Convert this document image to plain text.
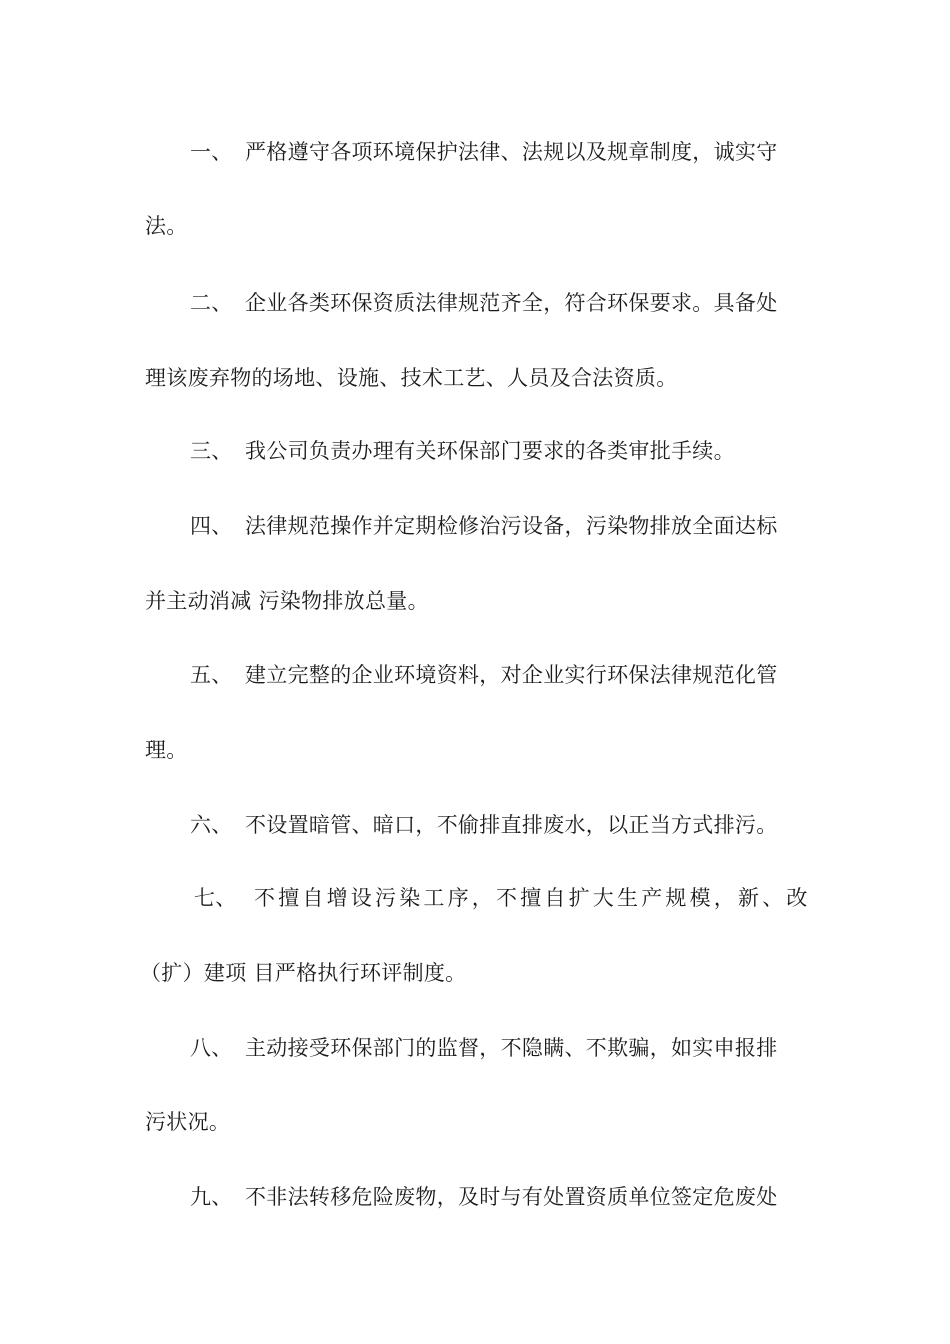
一、 严格遵守各项环境保护法律、法规以及规章制度，诚实守
法。
二、 企业各类环保资质法律规范齐全，符合环保要求。具备处
理该废弃物的场地、设施、技术工艺、人员及合法资质。
三、 我公司负责办理有关环保部门要求的各类审批手续。
四、 法律规范操作并定期检修治污设备，污染物排放全面达标
并主动消减 污染物排放总量。
五、 建立完整的企业环境资料，对企业实行环保法律规范化管
理。
六、 不设置暗管、暗口，不偷排直排废水，以正当方式排污。
七、 不擅自增设污染工序，不擅自扩大生产规模，新、改
（扩）建项 目严格执行环评制度。
八、 主动接受环保部门的监督，不隐瞒、不欺骗，如实申报排
污状况。
九、 不非法转移危险废物，及时与有处置资质单位签定危废处
